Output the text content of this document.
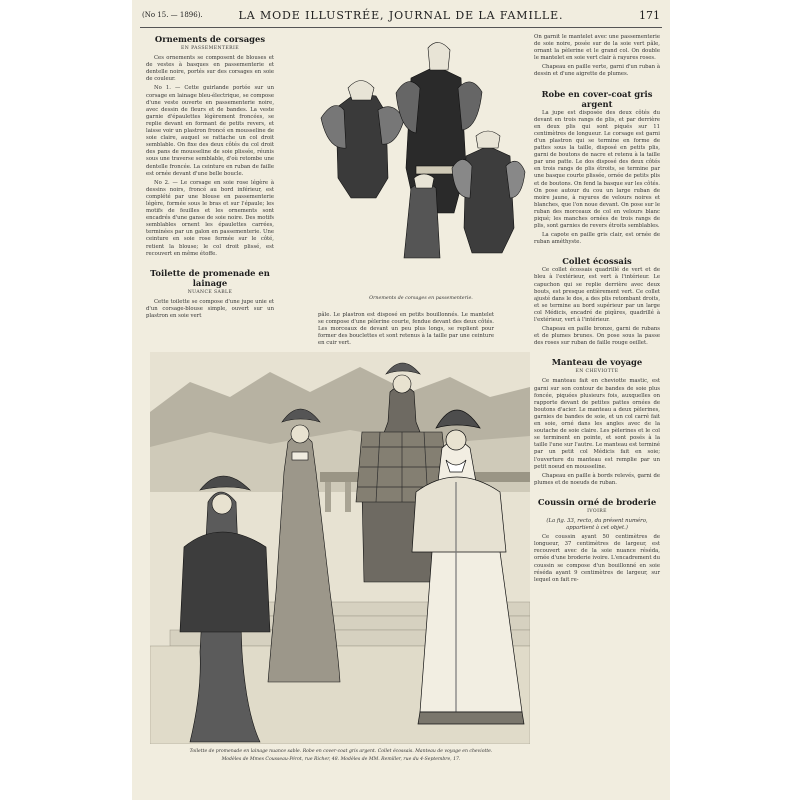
(No 15. — 1896).	LA MODE ILLUSTRÉE, JOURNAL DE LA FAMILLE.	171
Ornements de corsages
EN PASSEMENTERIE

Ces ornements se composent de blouses et de vestes à basques en passementerie et dentelle noire, portés sur des corsages en soie de couleur.

No 1. — Cette guirlande portée sur un corsage en lainage bleu-électrique, se compose d'une veste ouverte en passementerie noire, avec dessin de fleurs et de bandes. La veste garnie d'épaulettes légèrement froncées, se replie devant en formant de petits revers, et laisse voir un plastron froncé en mousseline de soie claire, auquel se rattache un col droit semblable. On fixe des deux côtés du col droit des pans de mousseline de soie plissée, réunis sous une traverse semblable, d'où retombe une dentelle froncée. La ceinture en ruban de faille est ornée devant d'une belle boucle.

No 2. — Le corsage en soie rose légère à dessins noirs, froncé au bord inférieur, est complété par une blouse en passementerie légère, formée sous le bras et sur l'épaule; les motifs de feuilles et les ornements sont encadrés d'une ganse de soie noire. Des motifs semblables ornent les épaulettes carrées, terminées par un galon en passementerie. Une ceinture en soie rose fermée sur le côté, retient la blouse; le col droit plissé, est recouvert en même étoffe.

Toilette de promenade en lainage
NUANCE SABLE

Cette toilette se compose d'une jupe unie et d'un corsage-blouse simple, ouvert sur un plastron en soie vert	pâle. Le plastron est disposé en petits bouillonnés. Le mantelet se compose d'une pèlerine courte, fendue devant des deux côtés. Les morceaux de devant un peu plus longs, se replient pour former des bouclettes et sont retenus à la taille par une ceinture en cuir vert.

On garnit le mantelet avec une passementerie de soie noire, posée sur de la soie vert pâle, ornant la pèlerine et le grand col. On double le mantelet en soie vert clair à rayures roses.

Chapeau en paille verte, garni d'un ruban à dessin et d'une aigrette de plumes.

Robe en cover-coat gris argent

La jupe est disposée des deux côtés du devant en trois rangs de plis, et par derrière en deux plis qui sont piqués sur 11 centimètres de longueur. Le corsage est garni d'un plastron qui se termine en forme de pattes sous la taille, disposé en petits plis, garni de boutons de nacre et retenu à la taille par une patte. Le dos disposé des deux côtés en trois rangs de plis étroits, se termine par une basque courte plissée, ornée de petits plis et de boutons. On fend la basque sur les côtés. On pose autour du cou un large ruban de moire jaune, à rayures de velours noires et blanches, que l'on noue devant. On pose sur le ruban des morceaux de col en velours blanc piqué; les manches ornées de trois rangs de plis, sont garnies de revers étroits semblables.

La capote en paille gris clair, est ornée de ruban améthyste.

Collet écossais

Ce collet écossais quadrillé de vert et de bleu à l'extérieur, est vert à l'intérieur. Le capuchon qui se replie derrière avec deux bouts, est presque entièrement vert. Ce collet ajusté dans le dos, a des plis retombant droits, et se termine au bord supérieur par un large col Médicis, encadré de piqûres, quadrillé à l'extérieur, vert à l'intérieur.

Chapeau en paille bronze, garni de rubans et de plumes brunes. On pose sous la passe des roses sur ruban de faille rouge oeillet.

Manteau de voyage
EN CHEVIOTTE

Ce manteau fait en cheviotte mastic, est garni sur son contour de bandes de soie plus foncée, piquées plusieurs fois, auxquelles on rapporte devant de petites pattes ornées de boutons d'acier. Le manteau a deux pèlerines, garnies de bandes de soie, et un col carré fait en soie, orné dans les angles avec de la soutache de soie claire. Les pèlerines et le col se terminent en pointe, et sont posés à la taille l'une sur l'autre. Le manteau est terminé par un petit col Médicis fait en soie; l'ouverture du manteau est remplie par un petit noeud en mousseline.

Chapeau en paille à bords relevés, garni de plumes et de noeuds de ruban.

Coussin orné de broderie
IVOIRE

(La fig. 33, recto, du présent numéro, appartient à cet objet.)

Ce coussin ayant 50 centimètres de longueur, 37 centimètres de largeur, est recouvert avec de la soie nuance réséda, ornée d'une broderie ivoire. L'encadrement du coussin se compose d'un bouillonné en soie réséda ayant 9 centimètres de largeur, sur lequel on fait re-

Ornements de corsages en passementerie.
Toilette de promenade en lainage nuance sable. Robe en cover-coat gris argent. Collet écossais. Manteau de voyage en cheviotte.
Modèles de Mmes Cousseau-Pérot, rue Richer, 48. Modèles de MM. Remiller, rue du 4-Septembre, 17.
